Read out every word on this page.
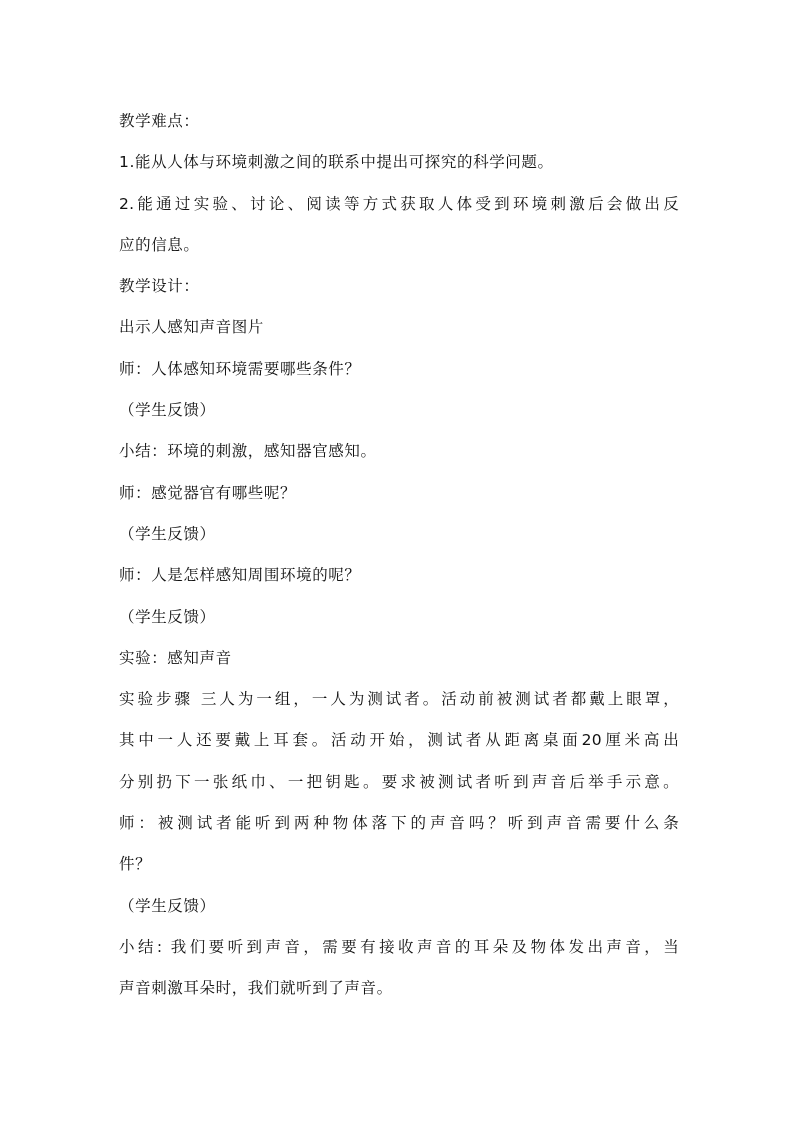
教学难点：
1.能从人体与环境刺激之间的联系中提出可探究的科学问题。
2.能通过实验、讨论、阅读等方式获取人体受到环境刺激后会做出反
应的信息。
教学设计：
出示人感知声音图片
师：人体感知环境需要哪些条件？
（学生反馈）
小结：环境的刺激，感知器官感知。
师：感觉器官有哪些呢？
（学生反馈）
师：人是怎样感知周围环境的呢？
（学生反馈）
实验：感知声音
实验步骤 三人为一组，一人为测试者。活动前被测试者都戴上眼罩，
其中一人还要戴上耳套。活动开始，测试者从距离桌面20厘米高出
分别扔下一张纸巾、一把钥匙。要求被测试者听到声音后举手示意。
师：被测试者能听到两种物体落下的声音吗？听到声音需要什么条
件？
（学生反馈）
小结: 我们要听到声音，需要有接收声音的耳朵及物体发出声音，当
声音刺激耳朵时，我们就听到了声音。
